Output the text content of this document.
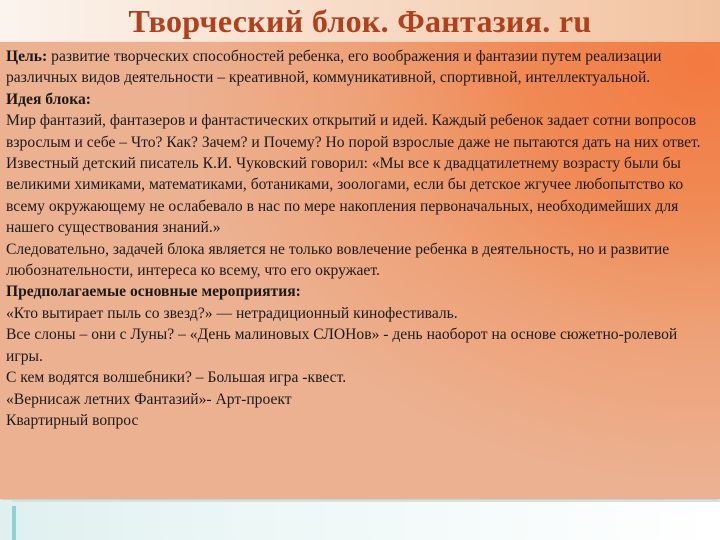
Творческий блок. Фантазия. ru

Цель: развитие творческих способностей ребенка, его воображения и фантазии путем реализации различных видов деятельности – креативной, коммуникативной, спортивной, интеллектуальной.

Идея блока:

Мир фантазий, фантазеров и фантастических открытий и идей. Каждый ребенок задает сотни вопросов взрослым и себе – Что? Как? Зачем? и Почему? Но порой взрослые даже не пытаются дать на них ответ.

Известный детский писатель К.И. Чуковский говорил: «Мы все к двадцатилетнему возрасту были бы великими химиками, математиками, ботаниками, зоологами, если бы детское жгучее любопытство ко всему окружающему не ослабевало в нас по мере накопления первоначальных, необходимейших для нашего существования знаний.»

Следовательно, задачей блока является не только вовлечение ребенка в деятельность, но и развитие любознательности, интереса ко всему, что его окружает.

Предполагаемые основные мероприятия:

«Кто вытирает пыль со звезд?» — нетрадиционный кинофестиваль.

Все слоны – они с Луны? – «День малиновых СЛОНов» - день наоборот на основе сюжетно-ролевой игры.

С кем водятся волшебники? – Большая игра -квест.

«Вернисаж летних Фантазий»- Арт-проект

Квартирный вопрос
